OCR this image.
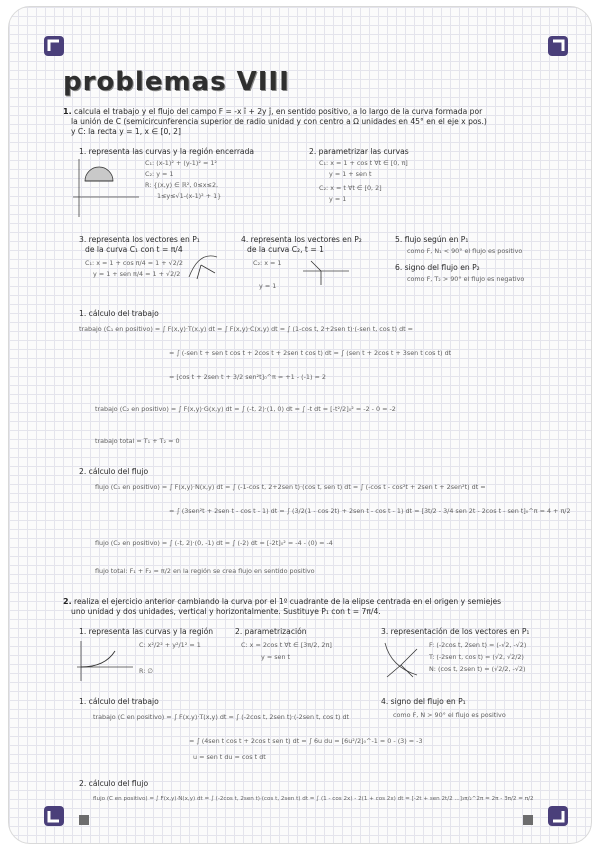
problemas VIII
1. calcula el trabajo y el flujo del campo F = -x î + 2y ĵ, en sentido positivo, a lo largo de la curva formada por
la unión de C (semicircunferencia superior de radio unidad y con centro a Ω unidades en 45° en el eje x pos.)
y C: la recta y = 1, x ∈ [0, 2]
1. representa las curvas y la región encerrada
C₁: (x-1)² + (y-1)² = 1²
C₂: y = 1
R: {(x,y) ∈ ℝ², 0≤x≤2,
1≤y≤√1-(x-1)² + 1}
2. parametrizar las curvas
C₁: x = 1 + cos t ∀t ∈ [0, π]
y = 1 + sen t
C₂: x = t ∀t ∈ [0, 2]
y = 1
3. representa los vectores en P₁
de la curva C₁ con t = π/4
C₁: x = 1 + cos π/4 = 1 + √2/2
y = 1 + sen π/4 = 1 + √2/2
4. representa los vectores en P₂
de la curva C₂, t = 1
C₂: x = 1
y = 1
5. flujo según en P₁
como F, N₁ < 90° el flujo es positivo
6. signo del flujo en P₂
como F, T₂ > 90° el flujo es negativo
1. cálculo del trabajo
trabajo (C₁ en positivo) = ∫ F(x,y)·T(x,y) dt = ∫ F(x,y)·C(x,y) dt = ∫ (1-cos t, 2+2sen t)·(-sen t, cos t) dt =
= ∫ (-sen t + sen t cos t + 2cos t + 2sen t cos t) dt = ∫ (sen t + 2cos t + 3sen t cos t) dt
= [cos t + 2sen t + 3/2 sen²t]₀^π = +1 - (-1) = 2
trabajo (C₂ en positivo) = ∫ F(x,y)·G(x,y) dt = ∫ (-t, 2)·(1, 0) dt = ∫ -t dt = [-t²/2]₀² = -2 - 0 = -2
trabajo total = T₁ + T₂ = 0
2. cálculo del flujo
flujo (C₁ en positivo) = ∫ F(x,y)·N(x,y) dt = ∫ (-1-cos t, 2+2sen t)·(cos t, sen t) dt = ∫ (-cos t - cos²t + 2sen t + 2sen²t) dt =
= ∫ (3sen²t + 2sen t - cos t - 1) dt = ∫ (3/2(1 - cos 2t) + 2sen t - cos t - 1) dt = [3t/2 - 3/4 sen 2t - 2cos t - sen t]₀^π = 4 + π/2
flujo (C₂ en positivo) = ∫ (-t, 2)·(0, -1) dt = ∫ (-2) dt = [-2t]₀² = -4 - (0) = -4
flujo total: F₁ + F₂ = π/2 en la región se crea flujo en sentido positivo
2. realiza el ejercicio anterior cambiando la curva por el 1º cuadrante de la elipse centrada en el origen y semiejes
uno unidad y dos unidades, vertical y horizontalmente. Sustituye P₁ con t = 7π/4.
1. representa las curvas y la región
C: x²/2² + y²/1² = 1
R: ∅
2. parametrización
C: x = 2cos t ∀t ∈ [3π/2, 2π]
y = sen t
3. representación de los vectores en P₁
F: (-2cos t, 2sen t) = (-√2, -√2)
T: (-2sen t, cos t) = (√2, √2/2)
N: (cos t, 2sen t) = (√2/2, -√2)
1. cálculo del trabajo
trabajo (C en positivo) = ∫ F(x,y)·T(x,y) dt = ∫ (-2cos t, 2sen t)·(-2sen t, cos t) dt
= ∫ (4sen t cos t + 2cos t sen t) dt = ∫ 6u du = [6u²/2]₀^-1 = 0 - (3) = -3
u = sen t du = cos t dt
4. signo del flujo en P₁
como F, N > 90° el flujo es positivo
2. cálculo del flujo
flujo (C en positivo) = ∫ F(x,y)·N(x,y) dt = ∫ (-2cos t, 2sen t)·(cos t, 2sen t) dt = ∫ (1 - cos 2x) - 2(1 + cos 2x) dt = [-2t + sen 2t/2 ...]₃π/₂^2π = 2π - 3π/2 = π/2
